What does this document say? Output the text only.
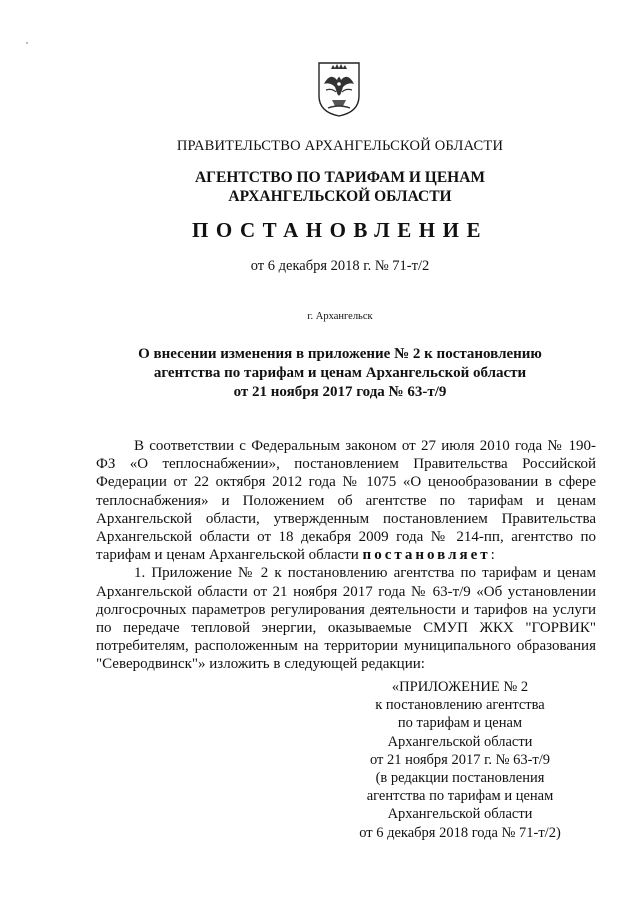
ПРАВИТЕЛЬСТВО АРХАНГЕЛЬСКОЙ ОБЛАСТИ
АГЕНТСТВО ПО ТАРИФАМ И ЦЕНАМ
АРХАНГЕЛЬСКОЙ ОБЛАСТИ
ПОСТАНОВЛЕНИЕ
от 6 декабря 2018 г. № 71-т/2
г. Архангельск
О внесении изменения в приложение № 2 к постановлению
агентства по тарифам и ценам Архангельской области
от 21 ноября 2017 года № 63-т/9

В соответствии с Федеральным законом от 27 июля 2010 года № 190-ФЗ «О теплоснабжении», постановлением Правительства Российской Федерации от 22 октября 2012 года № 1075 «О ценообразовании в сфере теплоснабжения» и Положением об агентстве по тарифам и ценам Архангельской области, утвержденным постановлением Правительства Архангельской области от 18 декабря 2009 года № 214-пп, агентство по тарифам и ценам Архангельской области постановляет:

1. Приложение № 2 к постановлению агентства по тарифам и ценам Архангельской области от 21 ноября 2017 года № 63-т/9 «Об установлении долгосрочных параметров регулирования деятельности и тарифов на услуги по передаче тепловой энергии, оказываемые СМУП ЖКХ "ГОРВИК" потребителям, расположенным на территории муниципального образования "Северодвинск"» изложить в следующей редакции:

«ПРИЛОЖЕНИЕ № 2
к постановлению агентства
по тарифам и ценам
Архангельской области
от 21 ноября 2017 г. № 63-т/9
(в редакции постановления
агентства по тарифам и ценам
Архангельской области
от 6 декабря 2018 года № 71-т/2)
